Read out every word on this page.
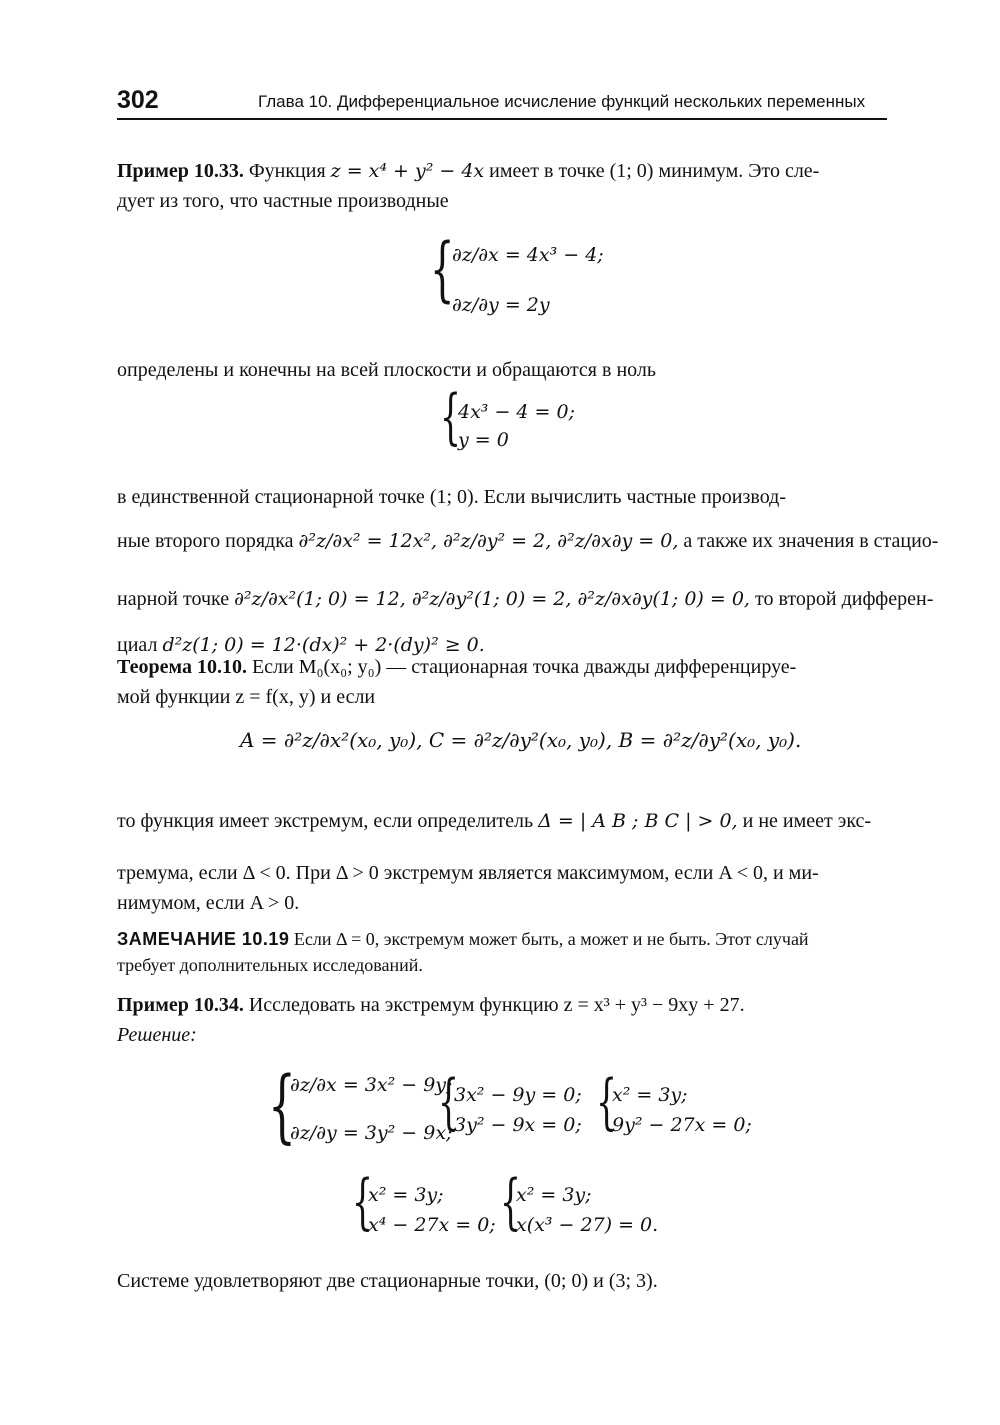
302	Глава 10. Дифференциальное исчисление функций нескольких переменных
Пример 10.33. Функция z = x⁴ + y² − 4x имеет в точке (1; 0) минимум. Это сле-
дует из того, что частные производные
{
∂z/∂x = 4x³ − 4;
∂z/∂y = 2y
определены и конечны на всей плоскости и обращаются в ноль
{
4x³ − 4 = 0;
y = 0
в единственной стационарной точке (1; 0). Если вычислить частные производ-
ные второго порядка ∂²z/∂x² = 12x², ∂²z/∂y² = 2, ∂²z/∂x∂y = 0, а также их значения в стацио-
нарной точке ∂²z/∂x²(1; 0) = 12, ∂²z/∂y²(1; 0) = 2, ∂²z/∂x∂y(1; 0) = 0, то второй дифферен-
циал d²z(1; 0) = 12·(dx)² + 2·(dy)² ≥ 0.
Теорема 10.10. Если M₀(x₀; y₀) — стационарная точка дважды дифференцируе-
мой функции z = f(x, y) и если
A = ∂²z/∂x²(x₀, y₀), C = ∂²z/∂y²(x₀, y₀), B = ∂²z/∂y²(x₀, y₀).
то функция имеет экстремум, если определитель Δ = | A B ; B C | > 0, и не имеет экс-
тремума, если Δ < 0. При Δ > 0 экстремум является максимумом, если A < 0, и ми-
нимумом, если A > 0.
ЗАМЕЧАНИЕ 10.19 Если Δ = 0, экстремум может быть, а может и не быть. Этот случай
требует дополнительных исследований.
Пример 10.34. Исследовать на экстремум функцию z = x³ + y³ − 9xy + 27.
Решение:
{
∂z/∂x = 3x² − 9y;
∂z/∂y = 3y² − 9x;
{
3x² − 9y = 0;
3y² − 9x = 0; {
x² = 3y;
9y² − 27x = 0;
{
x² = 3y;
x⁴ − 27x = 0; {
x² = 3y;
x(x³ − 27) = 0.
Системе удовлетворяют две стационарные точки, (0; 0) и (3; 3).
